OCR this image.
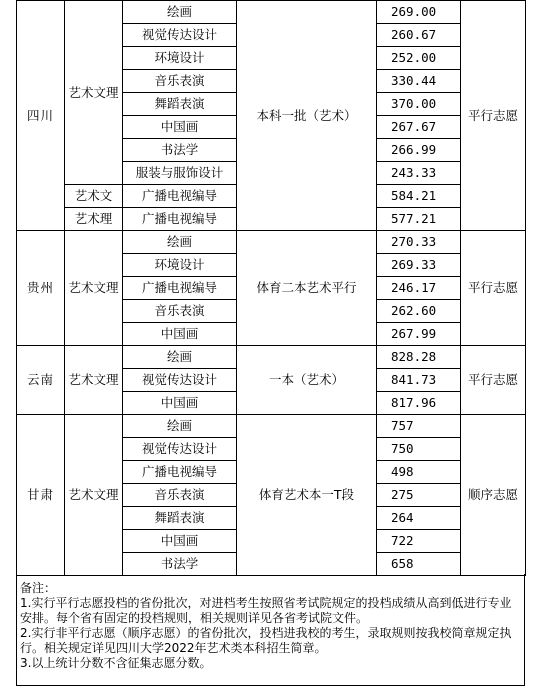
四川	艺术文理	绘画	本科一批（艺术）	269.00	平行志愿
		视觉传达设计		260.67	
		环境设计		252.00	
		音乐表演		330.44	
		舞蹈表演		370.00	
		中国画		267.67	
		书法学		266.99	
		服装与服饰设计		243.33	
	艺术文	广播电视编导		584.21	
	艺术理	广播电视编导		577.21	
贵州	艺术文理	绘画	体育二本艺术平行	270.33	平行志愿
		环境设计		269.33	
		广播电视编导		246.17	
		音乐表演		262.60	
		中国画		267.99	
云南	艺术文理	绘画	一本（艺术）	828.28	平行志愿
		视觉传达设计		841.73	
		中国画		817.96	
甘肃	艺术文理	绘画	体育艺术本一T段	757	顺序志愿
		视觉传达设计		750	
		广播电视编导		498	
		音乐表演		275	
		舞蹈表演		264	
		中国画		722	
		书法学		658	
备注：
1.实行平行志愿投档的省份批次，对进档考生按照省考试院规定的投档成绩从高到低进行专业安排。每个省有固定的投档规则，相关规则详见各省考试院文件。
2.实行非平行志愿（顺序志愿）的省份批次，投档进我校的考生，录取规则按我校简章规定执行。相关规定详见四川大学2022年艺术类本科招生简章。
3.以上统计分数不含征集志愿分数。
